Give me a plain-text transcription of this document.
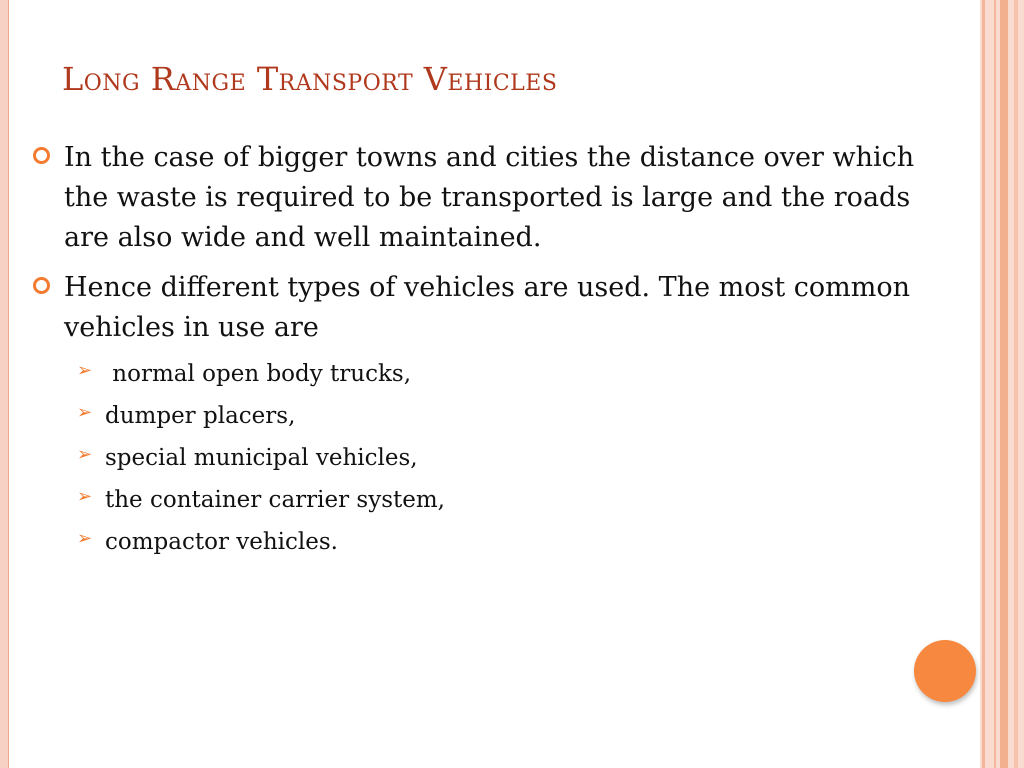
Long Range Transport Vehicles
In the case of bigger towns and cities the distance over which the waste is required to be transported is large and the roads are also wide and well maintained.
Hence different types of vehicles are used. The most common vehicles in use are
➢ normal open body trucks,
➢ dumper placers,
➢ special municipal vehicles,
➢ the container carrier system,
➢ compactor vehicles.
